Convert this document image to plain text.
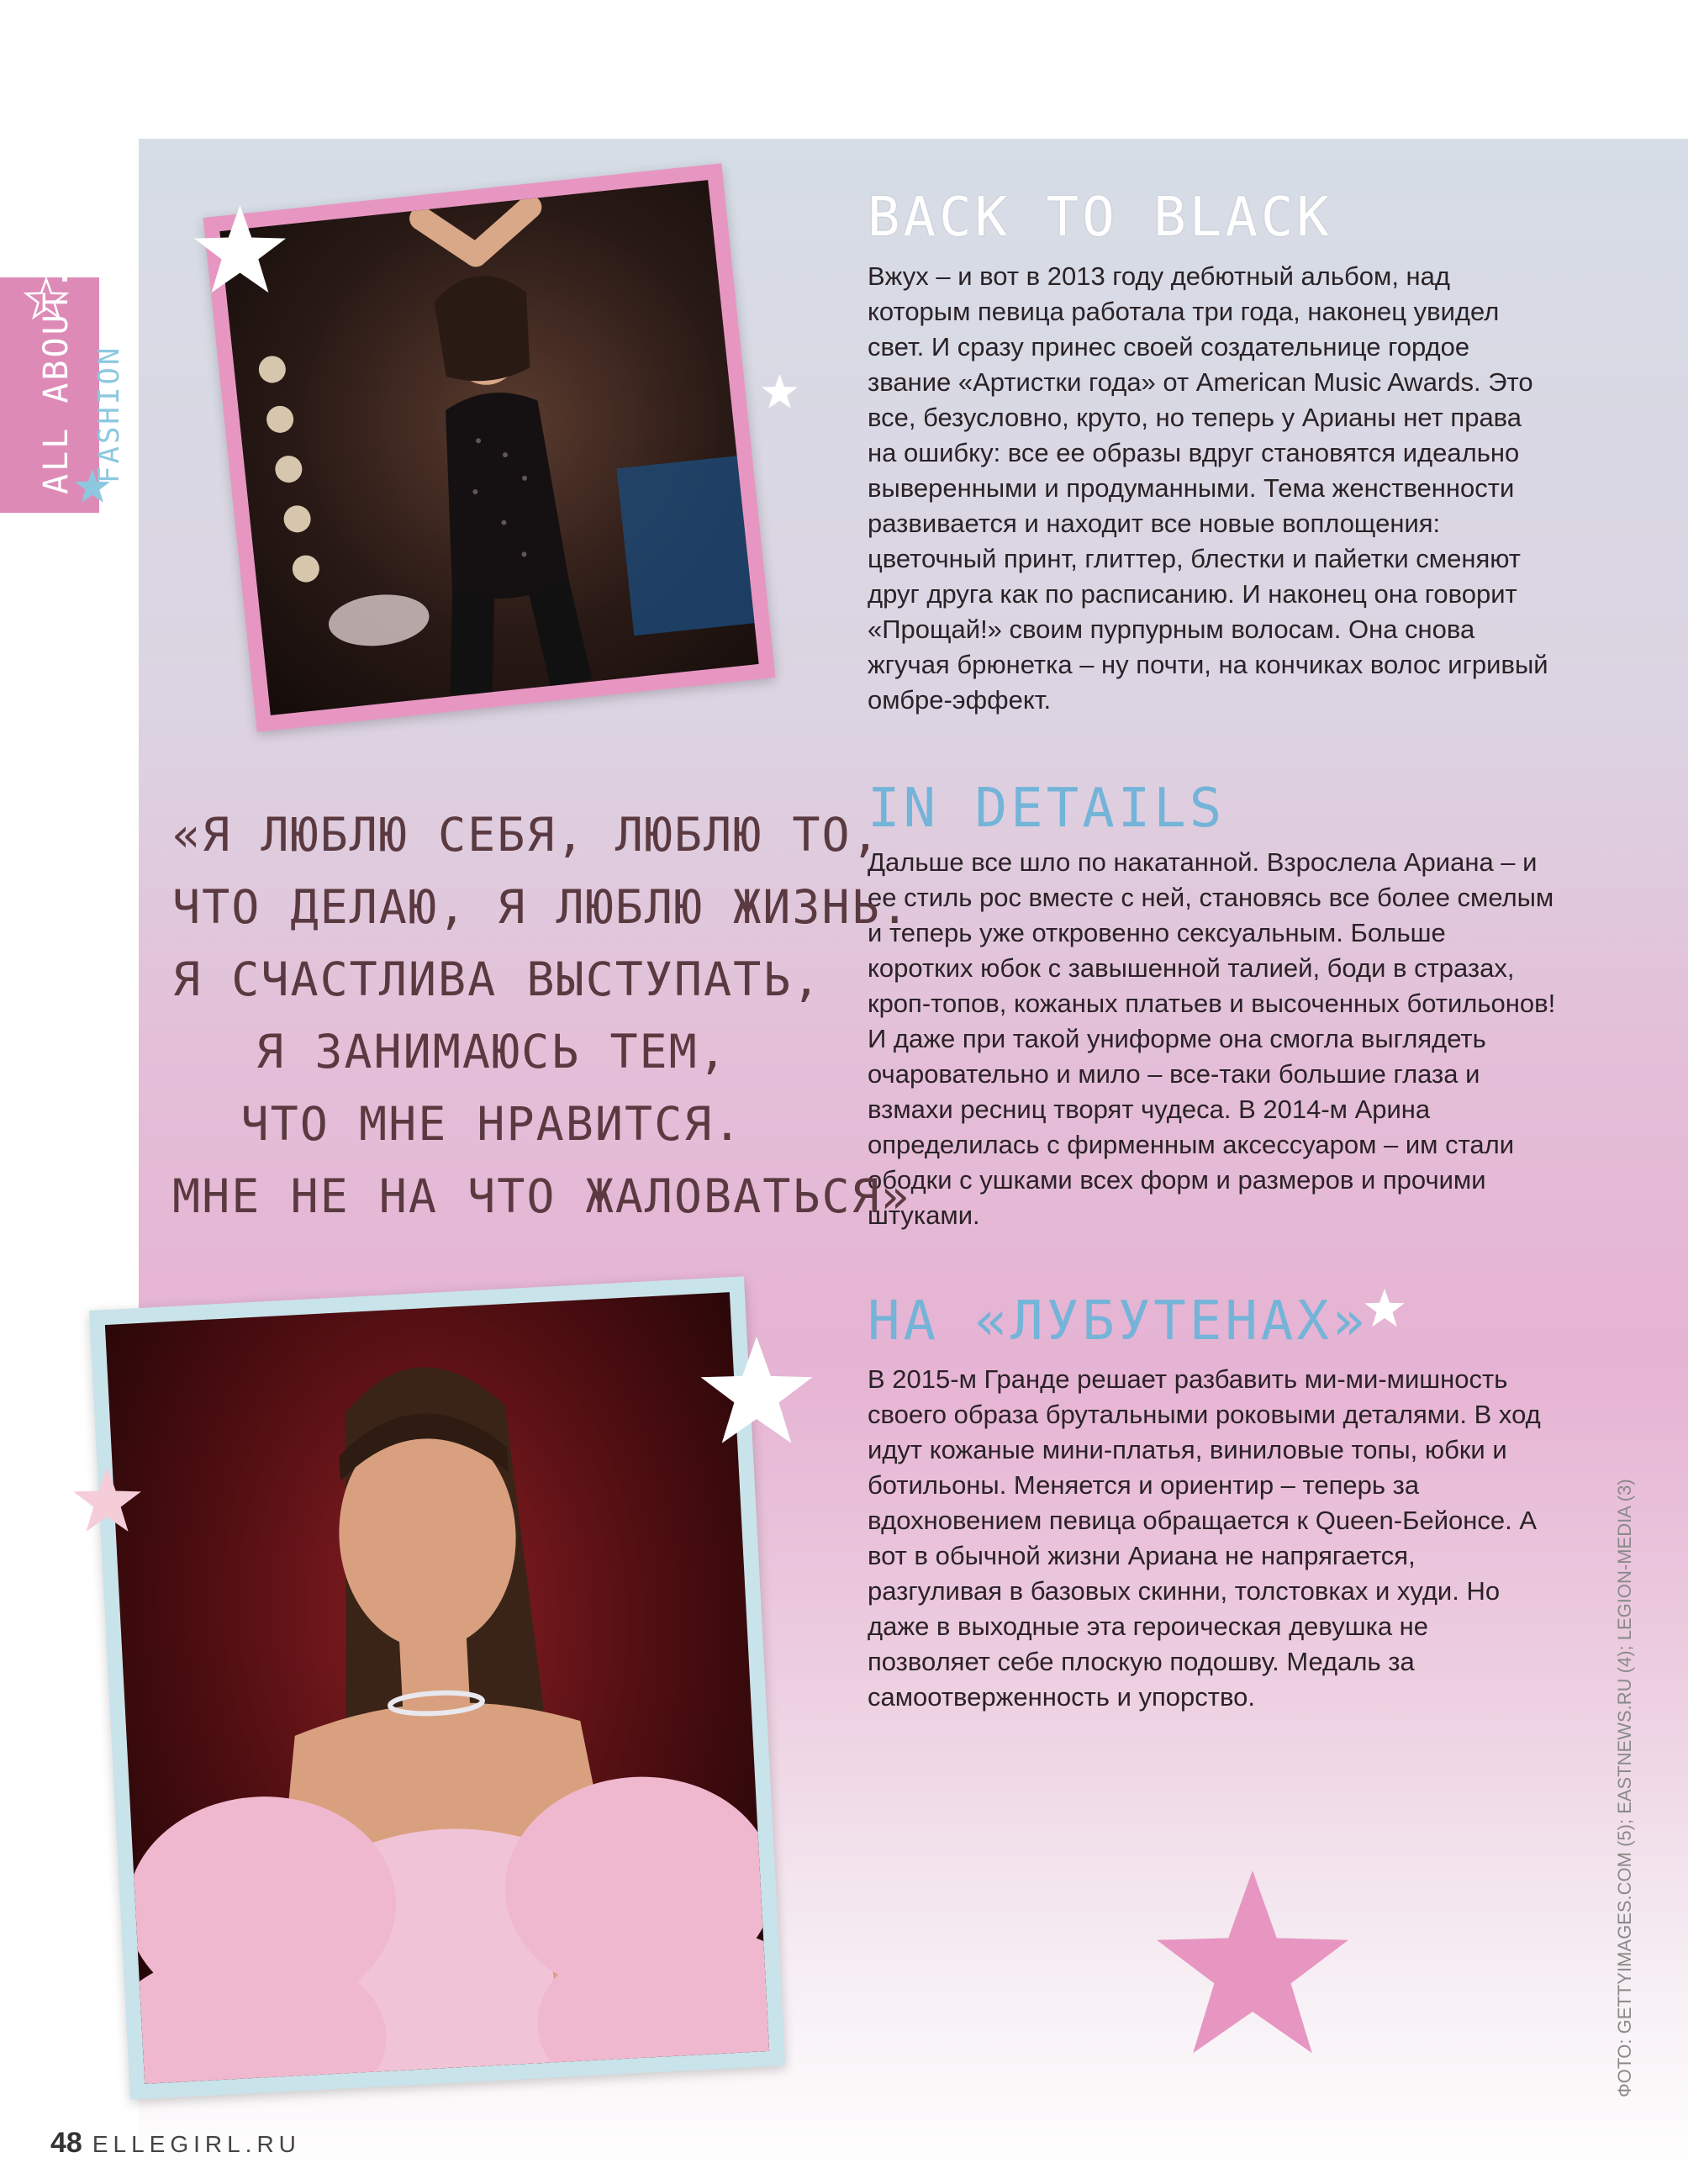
ALL ABOUT... FASHION
BACK TO BLACK
Вжух – и вот в 2013 году дебютный альбом, над которым певица работала три года, наконец увидел свет. И сразу принес своей создательнице гордое звание «Артистки года» от American Music Awards. Это все, безусловно, круто, но теперь у Арианы нет права на ошибку: все ее образы вдруг становятся идеально выверенными и продуманными. Тема женственности развивается и находит все новые воплощения: цветочный принт, глиттер, блестки и пайетки сменяют друг друга как по расписанию. И наконец она говорит «Прощай!» своим пурпурным волосам. Она снова жгучая брюнетка – ну почти, на кончиках волос игривый омбре-эффект.
IN DETAILS
Дальше все шло по накатанной. Взрослела Ариана – и ее стиль рос вместе с ней, становясь все более смелым и теперь уже откровенно сексуальным. Больше коротких юбок с завышенной талией, боди в стразах, кроп-топов, кожаных платьев и высоченных ботильонов! И даже при такой униформе она смогла выглядеть очаровательно и мило – все-таки большие глаза и взмахи ресниц творят чудеса. В 2014-м Арина определилась с фирменным аксессуаром – им стали ободки с ушками всех форм и размеров и прочими штуками.
НА «ЛУБУТЕНАХ»
В 2015-м Гранде решает разбавить ми-ми-мишность своего образа брутальными роковыми деталями. В ход идут кожаные мини-платья, виниловые топы, юбки и ботильоны. Меняется и ориентир – теперь за вдохновением певица обращается к Queen-Бейонсе. А вот в обычной жизни Ариана не напрягается, разгуливая в базовых скинни, толстовках и худи. Но даже в выходные эта героическая девушка не позволяет себе плоскую подошву. Медаль за самоотверженность и упорство.
«Я ЛЮБЛЮ СЕБЯ, ЛЮБЛЮ ТО,
ЧТО ДЕЛАЮ, Я ЛЮБЛЮ ЖИЗНЬ.
Я СЧАСТЛИВА ВЫСТУПАТЬ,
Я ЗАНИМАЮСЬ ТЕМ,
ЧТО МНЕ НРАВИТСЯ.
МНЕ НЕ НА ЧТО ЖАЛОВАТЬСЯ»
ФОТО: GETTYIMAGES.COM (5); EASTNEWS.RU (4); LEGION-MEDIA (3)
48 ELLEGIRL.RU
